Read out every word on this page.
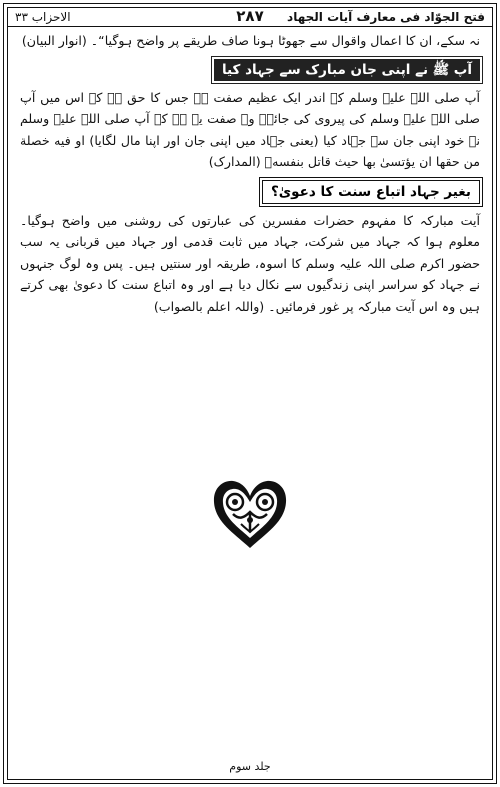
الاحزاب ۳۳	۲۸۷	فتح الجوّاد فی معارف آیات الجهاد

نہ سکے، ان کا اعمال واقوال سے جھوٹا ہونا صاف طریقے پر واضح ہوگیا“۔ (انوار البیان)

آپ ﷺ نے اپنی جان مبارک سے جہاد کیا

آپ صلی اللہ علیہ وسلم کے اندر ایک عظیم صفت ہے جس کا حق ہے کہ اس میں آپ صلی اللہ علیہ وسلم کی پیروی کی جائے۔ وہ صفت یہ ہے کہ آپ صلی اللہ علیہ وسلم نے خود اپنی جان سے جہاد کیا (یعنی جہاد میں اپنی جان اور اپنا مال لگایا) او فیه خصلة من حقها ان یؤتسیٰ بها حیث قاتل بنفسهٖ (المدارک)

بغیر جہاد اتباع سنت کا دعویٰ؟

آیت مبارکہ کا مفہوم حضرات مفسرین کی عبارتوں کی روشنی میں واضح ہوگیا۔ معلوم ہوا کہ جہاد میں شرکت، جہاد میں ثابت قدمی اور جہاد میں قربانی یہ سب حضور اکرم صلی اللہ علیہ وسلم کا اسوہ، طریقہ اور سنتیں ہیں۔ پس وہ لوگ جنہوں نے جہاد کو سراسر اپنی زندگیوں سے نکال دیا ہے اور وہ اتباع سنت کا دعویٰ بھی کرتے ہیں وہ اس آیت مبارکہ پر غور فرمائیں۔ (واللہ اعلم بالصواب)

جلد سوم
